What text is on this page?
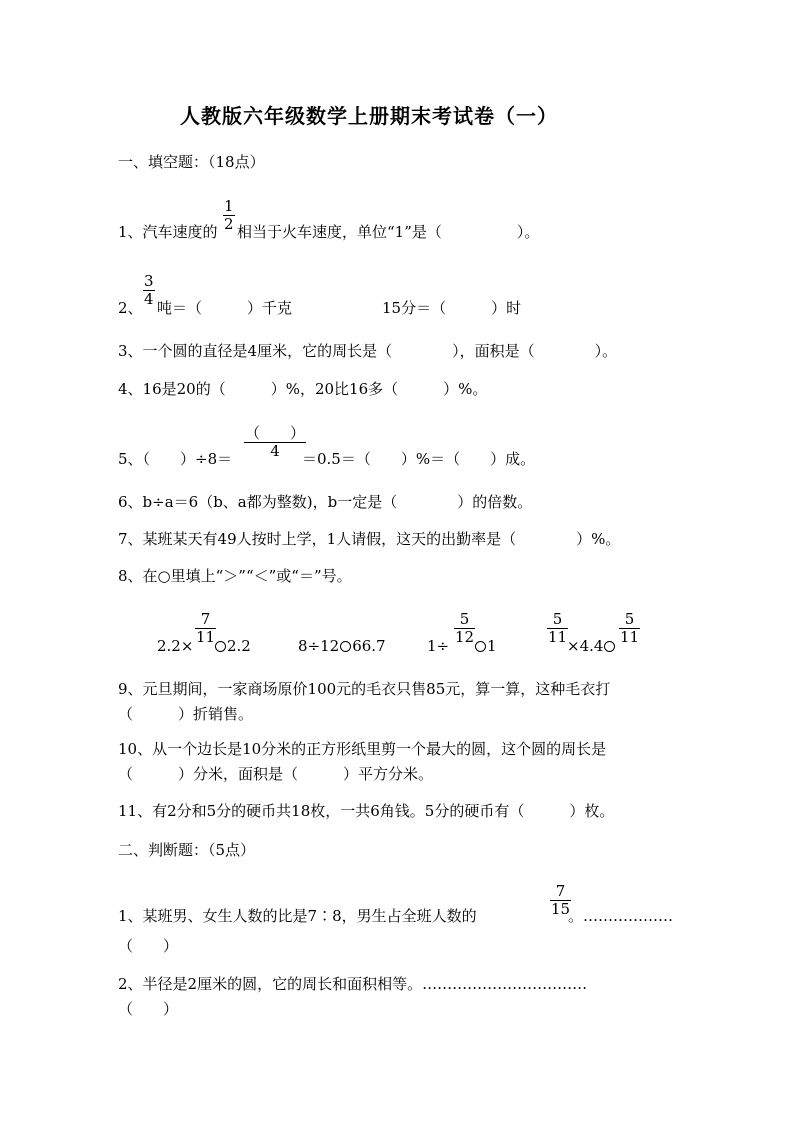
人教版六年级数学上册期末考试卷（一）
一、填空题：（18点）
1、汽车速度的
1
2 相当于火车速度，单位“1”是（　　　　　）。
2、
3
4 吨＝（　　　）千克	15分＝（　　　）时
3、一个圆的直径是4厘米，它的周长是（　　　　），面积是（　　　　）。
4、16是20的（　　　）%，20比16多（　　　）%。
5、（　　）÷8＝
（　　）
4	＝0.5＝（　　）%＝（　　）成。
6、b÷a＝6（b、a都为整数)，b一定是（　　　　）的倍数。
7、某班某天有49人按时上学，1人请假，这天的出勤率是（　　　　）%。
8、在○里填上“＞”“＜”或“＝”号。
2.2×
7
11 2.2	8÷12 66.7	1÷
5
12 1
5
11 ×4.4
5
11
9、元旦期间，一家商场原价100元的毛衣只售85元，算一算，这种毛衣打
（　　　）折销售。
10、从一个边长是10分米的正方形纸里剪一个最大的圆，这个圆的周长是
（　　　）分米，面积是（　　　）平方分米。
11、有2分和5分的硬币共18枚，一共6角钱。5分的硬币有（　　　）枚。
二、判断题：（5点）
1、某班男、女生人数的比是7∶8，男生占全班人数的
7
15
。………………
（　　）
2、半径是2厘米的圆，它的周长和面积相等。……………………………
（　　）
